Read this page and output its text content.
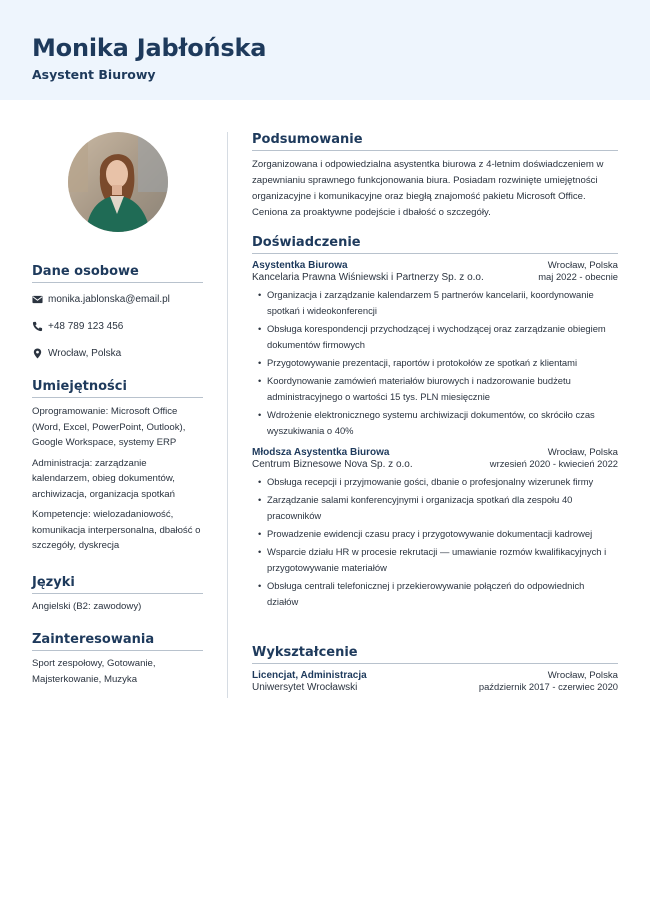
Monika Jabłońska
Asystent Biurowy
Dane osobowe
monika.jablonska@email.pl
+48 789 123 456
Wrocław, Polska
Umiejętności
Oprogramowanie: Microsoft Office (Word, Excel, PowerPoint, Outlook), Google Workspace, systemy ERP
Administracja: zarządzanie kalendarzem, obieg dokumentów, archiwizacja, organizacja spotkań
Kompetencje: wielozadaniowość, komunikacja interpersonalna, dbałość o szczegóły, dyskrecja
Języki
Angielski (B2: zawodowy)
Zainteresowania
Sport zespołowy, Gotowanie, Majsterkowanie, Muzyka
Podsumowanie
Zorganizowana i odpowiedzialna asystentka biurowa z 4-letnim doświadczeniem w zapewnianiu sprawnego funkcjonowania biura. Posiadam rozwinięte umiejętności organizacyjne i komunikacyjne oraz biegłą znajomość pakietu Microsoft Office. Ceniona za proaktywne podejście i dbałość o szczegóły.
Doświadczenie
Asystentka Biurowa	Wrocław, Polska
Kancelaria Prawna Wiśniewski i Partnerzy Sp. z o.o.	maj 2022 - obecnie
• Organizacja i zarządzanie kalendarzem 5 partnerów kancelarii, koordynowanie spotkań i wideokonferencji
• Obsługa korespondencji przychodzącej i wychodzącej oraz zarządzanie obiegiem dokumentów firmowych
• Przygotowywanie prezentacji, raportów i protokołów ze spotkań z klientami
• Koordynowanie zamówień materiałów biurowych i nadzorowanie budżetu administracyjnego o wartości 15 tys. PLN miesięcznie
• Wdrożenie elektronicznego systemu archiwizacji dokumentów, co skróciło czas wyszukiwania o 40%
Młodsza Asystentka Biurowa	Wrocław, Polska
Centrum Biznesowe Nova Sp. z o.o.	wrzesień 2020 - kwiecień 2022
• Obsługa recepcji i przyjmowanie gości, dbanie o profesjonalny wizerunek firmy
• Zarządzanie salami konferencyjnymi i organizacja spotkań dla zespołu 40 pracowników
• Prowadzenie ewidencji czasu pracy i przygotowywanie dokumentacji kadrowej
• Wsparcie działu HR w procesie rekrutacji — umawianie rozmów kwalifikacyjnych i przygotowywanie materiałów
• Obsługa centrali telefonicznej i przekierowywanie połączeń do odpowiednich działów
Wykształcenie
Licencjat, Administracja	Wrocław, Polska
Uniwersytet Wrocławski	październik 2017 - czerwiec 2020
